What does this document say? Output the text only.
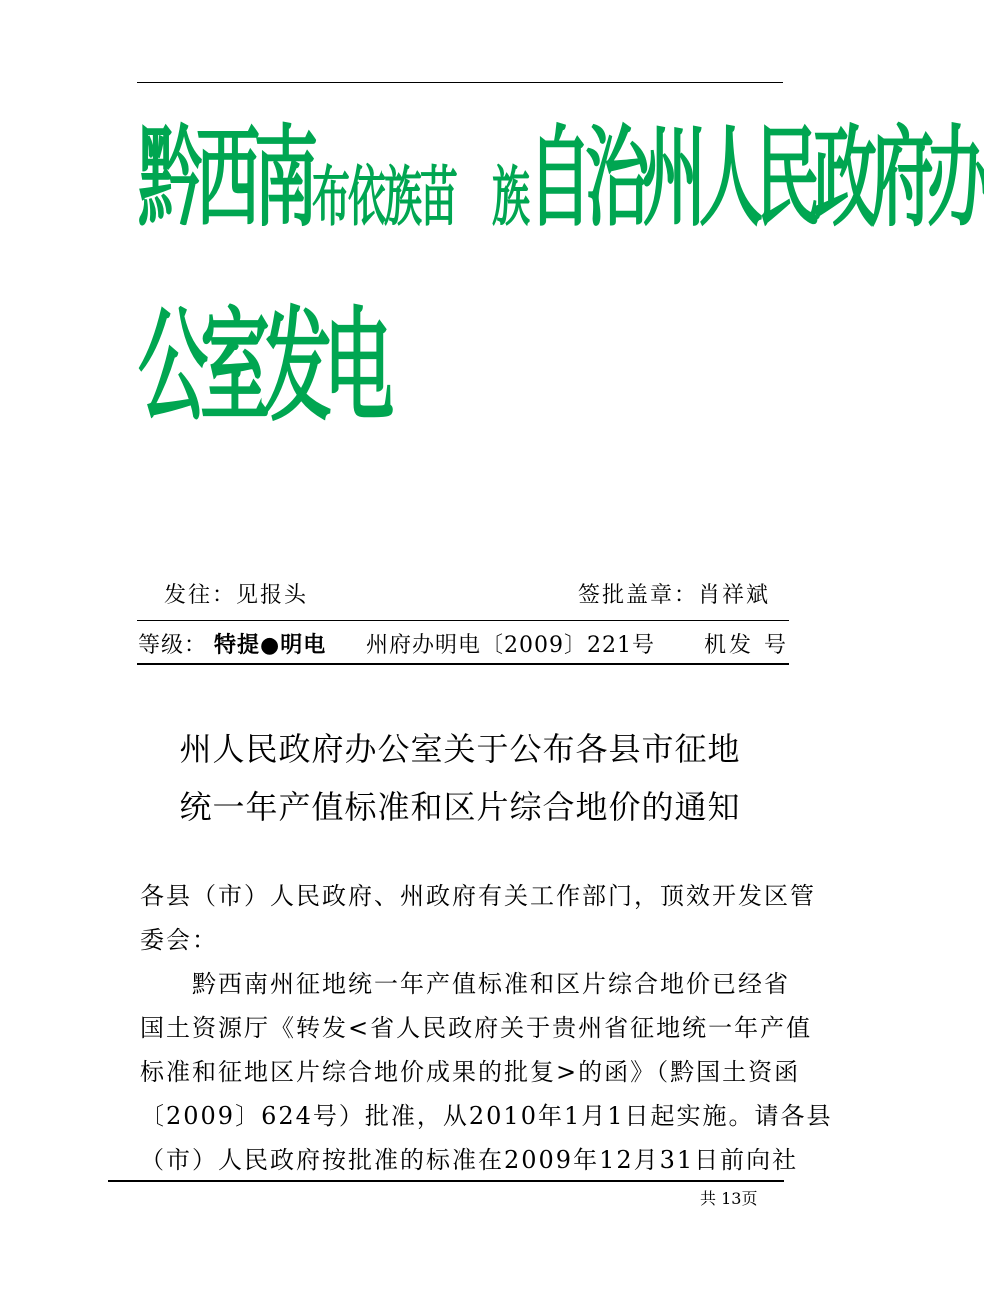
黔西南布依族苗　族自治州人民政府办
公室发电
发往：见报头	签批盖章：肖祥斌
等级： 特提●明电 州府办明电〔2009〕221号 机发 号
州人民政府办公室关于公布各县市征地
统一年产值标准和区片综合地价的通知
各县（市）人民政府、州政府有关工作部门，顶效开发区管
委会：
　　黔西南州征地统一年产值标准和区片综合地价已经省
国土资源厅《转发<省人民政府关于贵州省征地统一年产值
标准和征地区片综合地价成果的批复>的函》（黔国土资函
〔2009〕624号）批准，从2010年1月1日起实施。请各县
（市）人民政府按批准的标准在2009年12月31日前向社
共 13页
